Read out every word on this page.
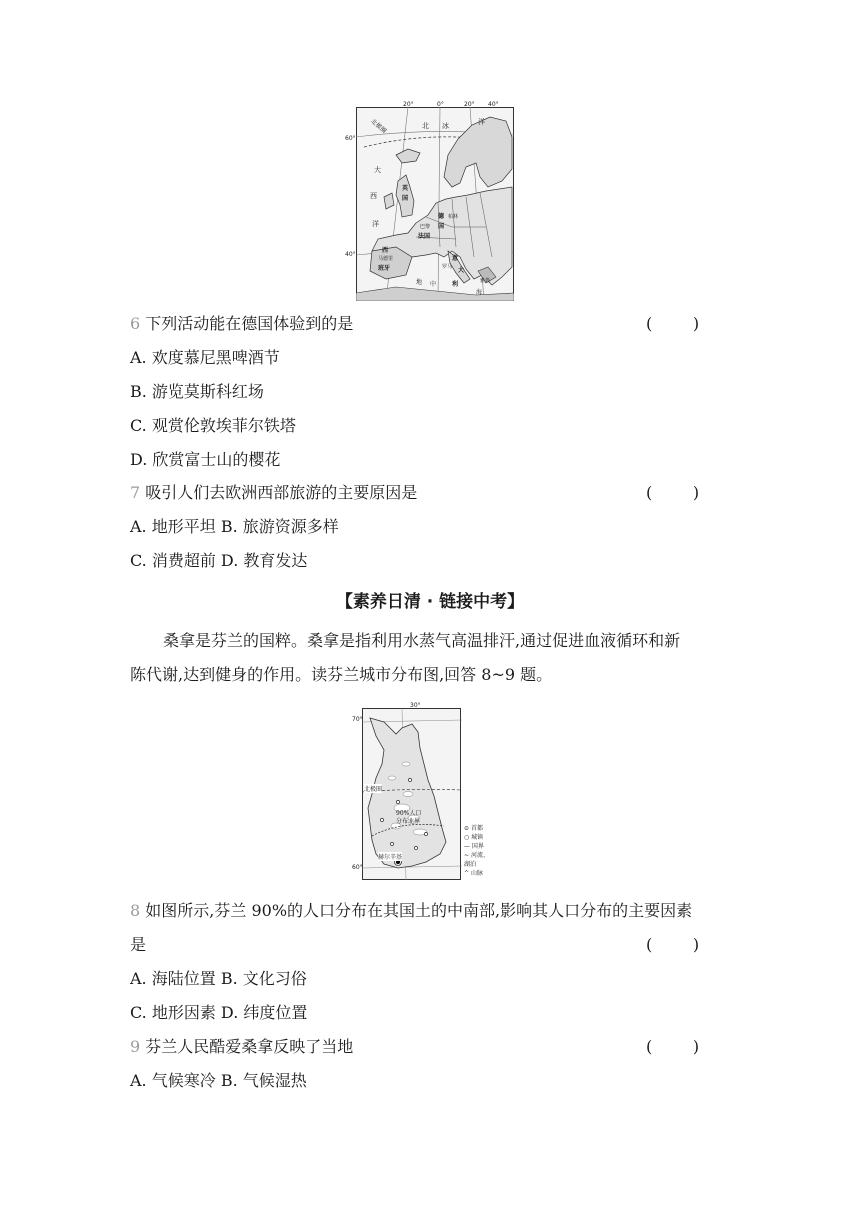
20°	0°	20° 40°
60°
40°
北极圈	北 冰	洋
大
西
洋
英
国
德
国
巴黎
法国
柏林
西
马德里
班牙
意
大
利
地 中
海
罗马
雅典
6 下列活动能在德国体验到的是	(        )
A. 欢度慕尼黑啤酒节
B. 游览莫斯科红场
C. 观赏伦敦埃菲尔铁塔
D. 欣赏富士山的樱花
7 吸引人们去欧洲西部旅游的主要原因是	(        )
A. 地形平坦 B. 旅游资源多样
C. 消费超前 D. 教育发达
【素养日清 · 链接中考】
桑拿是芬兰的国粹。桑拿是指利用水蒸气高温排汗,通过促进血液循环和新
陈代谢,达到健身的作用。读芬兰城市分布图,回答 8~9 题。
30°
70°
60°
北极圈
90%人口
分布北界
赫尔辛基
⊙ 首都
○ 城镇
— 国界
~ 河流、湖泊
^ 山脉
8 如图所示,芬兰 90%的人口分布在其国土的中南部,影响其人口分布的主要因素
是	(        )
A. 海陆位置 B. 文化习俗
C. 地形因素 D. 纬度位置
9 芬兰人民酷爱桑拿反映了当地	(        )
A. 气候寒冷 B. 气候湿热
